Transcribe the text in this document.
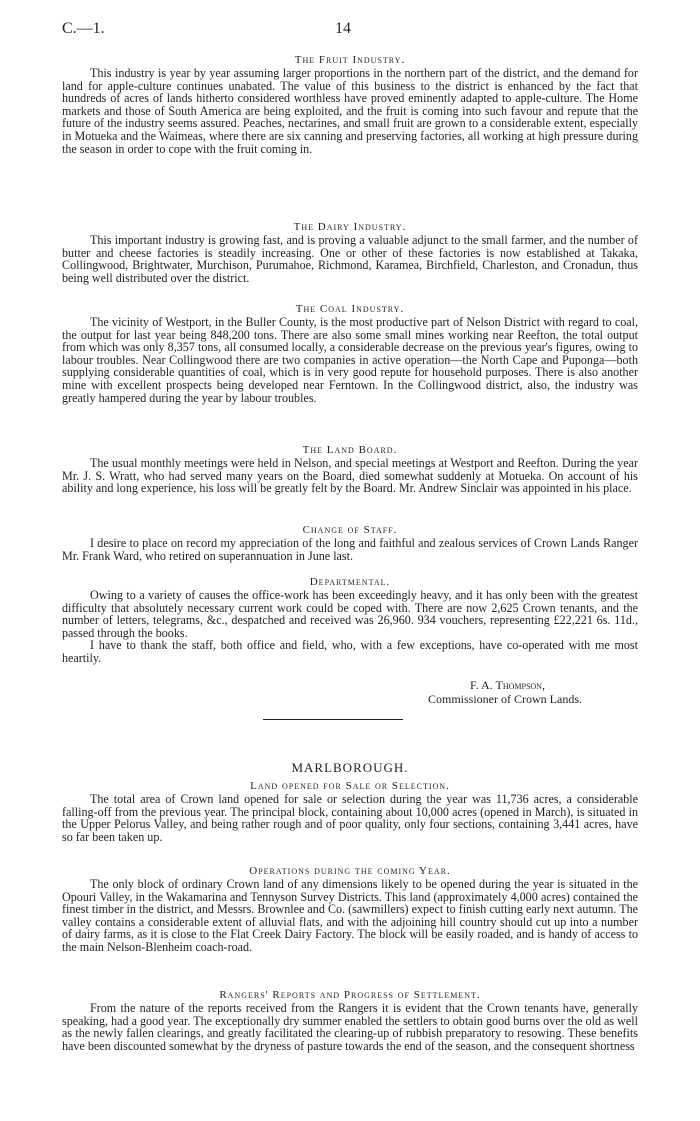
C.—1.	14

The Fruit Industry.

This industry is year by year assuming larger proportions in the northern part of the district, and the demand for land for apple-culture continues unabated. The value of this business to the district is enhanced by the fact that hundreds of acres of lands hitherto considered worthless have proved eminently adapted to apple-culture. The Home markets and those of South America are being exploited, and the fruit is coming into such favour and repute that the future of the industry seems assured. Peaches, nectarines, and small fruit are grown to a considerable extent, especially in Motueka and the Waimeas, where there are six canning and preserving factories, all working at high pressure during the season in order to cope with the fruit coming in.

The Dairy Industry.

This important industry is growing fast, and is proving a valuable adjunct to the small farmer, and the number of butter and cheese factories is steadily increasing. One or other of these factories is now established at Takaka, Collingwood, Brightwater, Murchison, Purumahoe, Richmond, Karamea, Birchfield, Charleston, and Cronadun, thus being well distributed over the district.

The Coal Industry.

The vicinity of Westport, in the Buller County, is the most productive part of Nelson District with regard to coal, the output for last year being 848,200 tons. There are also some small mines working near Reefton, the total output from which was only 8,357 tons, all consumed locally, a considerable decrease on the previous year's figures, owing to labour troubles. Near Collingwood there are two companies in active operation—the North Cape and Puponga—both supplying considerable quantities of coal, which is in very good repute for household purposes. There is also another mine with excellent prospects being developed near Ferntown. In the Collingwood district, also, the industry was greatly hampered during the year by labour troubles.

The Land Board.

The usual monthly meetings were held in Nelson, and special meetings at Westport and Reefton. During the year Mr. J. S. Wratt, who had served many years on the Board, died somewhat suddenly at Motueka. On account of his ability and long experience, his loss will be greatly felt by the Board. Mr. Andrew Sinclair was appointed in his place.

Change of Staff.

I desire to place on record my appreciation of the long and faithful and zealous services of Crown Lands Ranger Mr. Frank Ward, who retired on superannuation in June last.

Departmental.

Owing to a variety of causes the office-work has been exceedingly heavy, and it has only been with the greatest difficulty that absolutely necessary current work could be coped with. There are now 2,625 Crown tenants, and the number of letters, telegrams, &c., despatched and received was 26,960. 934 vouchers, representing £22,221 6s. 11d., passed through the books.

I have to thank the staff, both office and field, who, with a few exceptions, have co-operated with me most heartily.

F. A. Thompson,
Commissioner of Crown Lands.
MARLBOROUGH.

Land opened for Sale or Selection.

The total area of Crown land opened for sale or selection during the year was 11,736 acres, a considerable falling-off from the previous year. The principal block, containing about 10,000 acres (opened in March), is situated in the Upper Pelorus Valley, and being rather rough and of poor quality, only four sections, containing 3,441 acres, have so far been taken up.

Operations during the coming Year.

The only block of ordinary Crown land of any dimensions likely to be opened during the year is situated in the Opouri Valley, in the Wakamarina and Tennyson Survey Districts. This land (approximately 4,000 acres) contained the finest timber in the district, and Messrs. Brownlee and Co. (sawmillers) expect to finish cutting early next autumn. The valley contains a considerable extent of alluvial flats, and with the adjoining hill country should cut up into a number of dairy farms, as it is close to the Flat Creek Dairy Factory. The block will be easily roaded, and is handy of access to the main Nelson-Blenheim coach-road.

Rangers' Reports and Progress of Settlement.

From the nature of the reports received from the Rangers it is evident that the Crown tenants have, generally speaking, had a good year. The exceptionally dry summer enabled the settlers to obtain good burns over the old as well as the newly fallen clearings, and greatly facilitated the clearing-up of rubbish preparatory to resowing. These benefits have been discounted somewhat by the dryness of pasture towards the end of the season, and the consequent shortness
